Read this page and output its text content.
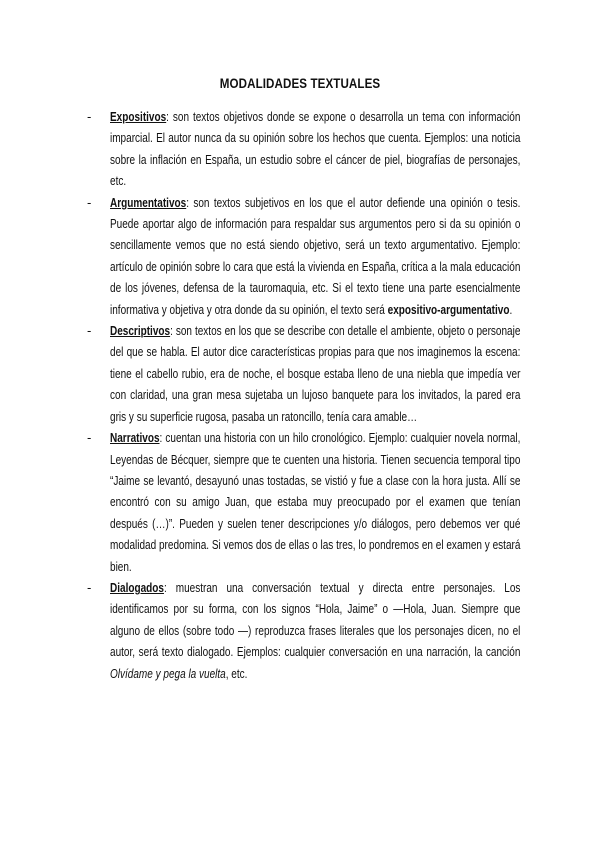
MODALIDADES TEXTUALES
- Expositivos: son textos objetivos donde se expone o desarrolla un tema con información imparcial. El autor nunca da su opinión sobre los hechos que cuenta. Ejemplos: una noticia sobre la inflación en España, un estudio sobre el cáncer de piel, biografías de personajes, etc.

- Argumentativos: son textos subjetivos en los que el autor defiende una opinión o tesis. Puede aportar algo de información para respaldar sus argumentos pero si da su opinión o sencillamente vemos que no está siendo objetivo, será un texto argumentativo. Ejemplo: artículo de opinión sobre lo cara que está la vivienda en España, crítica a la mala educación de los jóvenes, defensa de la tauromaquia, etc. Si el texto tiene una parte esencialmente informativa y objetiva y otra donde da su opinión, el texto será expositivo-argumentativo.

- Descriptivos: son textos en los que se describe con detalle el ambiente, objeto o personaje del que se habla. El autor dice características propias para que nos imaginemos la escena: tiene el cabello rubio, era de noche, el bosque estaba lleno de una niebla que impedía ver con claridad, una gran mesa sujetaba un lujoso banquete para los invitados, la pared era gris y su superficie rugosa, pasaba un ratoncillo, tenía cara amable…

- Narrativos: cuentan una historia con un hilo cronológico. Ejemplo: cualquier novela normal, Leyendas de Bécquer, siempre que te cuenten una historia. Tienen secuencia temporal tipo “Jaime se levantó, desayunó unas tostadas, se vistió y fue a clase con la hora justa. Allí se encontró con su amigo Juan, que estaba muy preocupado por el examen que tenían después (…)”. Pueden y suelen tener descripciones y/o diálogos, pero debemos ver qué modalidad predomina. Si vemos dos de ellas o las tres, lo pondremos en el examen y estará bien.

- Dialogados: muestran una conversación textual y directa entre personajes. Los identificamos por su forma, con los signos “Hola, Jaime” o —Hola, Juan. Siempre que alguno de ellos (sobre todo —) reproduzca frases literales que los personajes dicen, no el autor, será texto dialogado. Ejemplos: cualquier conversación en una narración, la canción Olvídame y pega la vuelta, etc.
